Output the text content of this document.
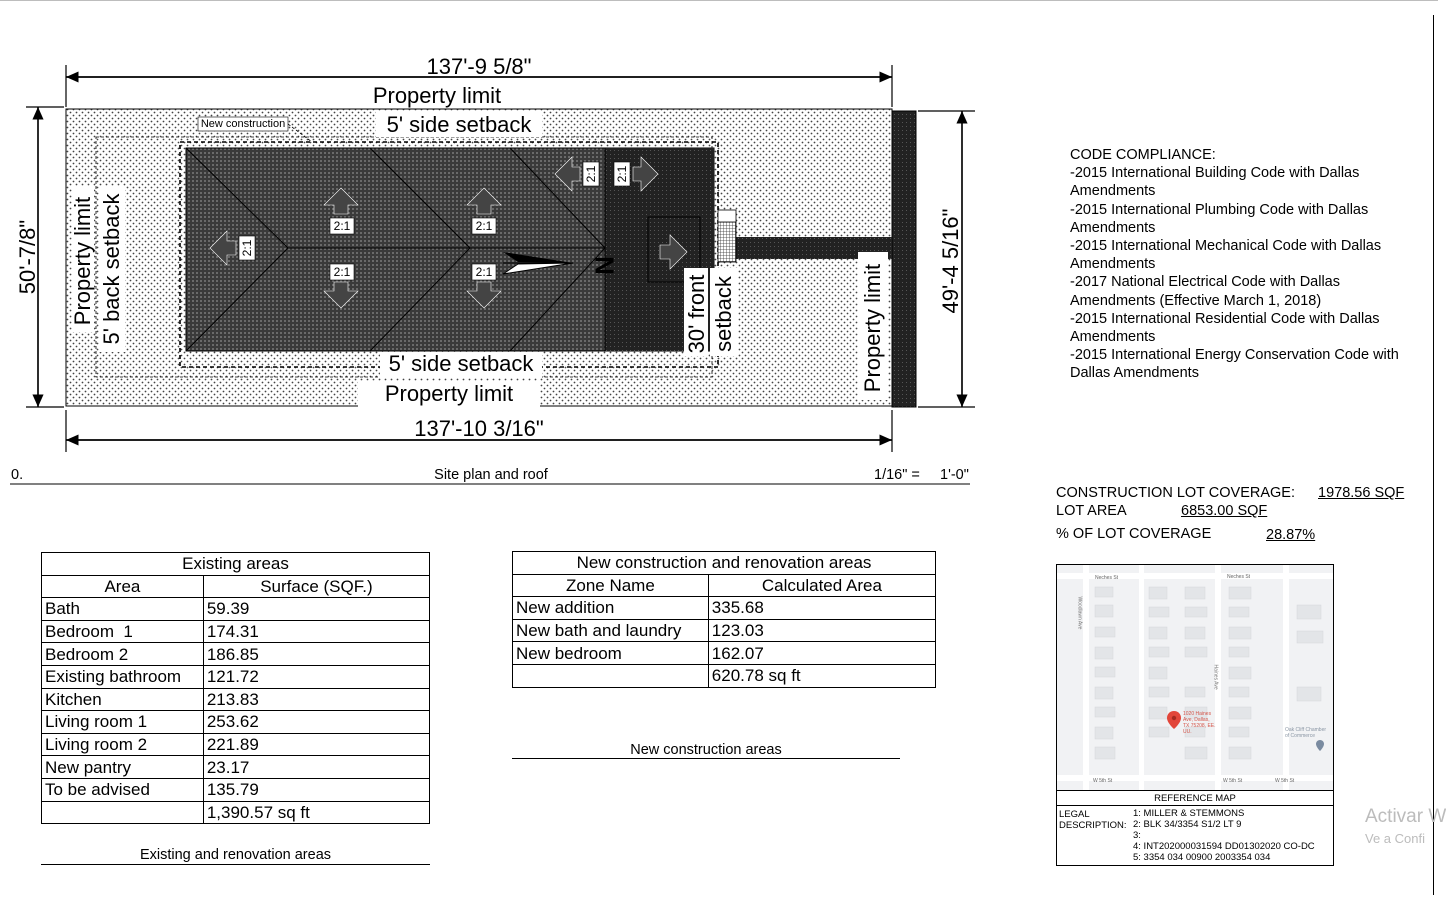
137'-9 5/8"
137'-10 3/16"
50'-7/8"	49'-4 5/16"
Property limit
Property limit
5' side setback
5' side setback
New construction
Property limit 5' back setback	30' front setback	Property limit
2:1
2:1
2:1
2:1
2:1
2:1 2:1
N
0.	Site plan and roof	1/16" = 1'-0"
CODE COMPLIANCE:
-2015 International Building Code with Dallas Amendments
-2015 International Plumbing Code with Dallas Amendments
-2015 International Mechanical Code with Dallas Amendments
-2017 National Electrical Code with Dallas Amendments (Effective March 1, 2018)
-2015 International Residential Code with Dallas Amendments
-2015 International Energy Conservation Code with Dallas Amendments
CONSTRUCTION LOT COVERAGE: 1978.56 SQF
LOT AREA	6853.00 SQF
% OF LOT COVERAGE	28.87%
Existing areas	
Area	Surface (SQF.)
Bath	59.39
Bedroom  1	174.31
Bedroom 2	186.85
Existing bathroom	121.72
Kitchen	213.83
Living room 1	253.62
Living room 2	221.89
New pantry	23.17
To be advised	135.79
	1,390.57 sq ft
Existing and renovation areas
New construction and renovation areas	
Zone Name	Calculated Area
New addition	335.68
New bath and laundry	123.03
New bedroom	162.07
	620.78 sq ft
New construction areas
Neches St	Neches St
W 5th St	W 5th St	W 5th St
1020 Haines Ave, Dallas, TX 75208, EE. UU.	Oak Cliff Chamber of Commerce
Woodlawn Ave
Haines Ave
REFERENCE MAP
LEGAL
DESCRIPTION:
1: MILLER & STEMMONS
2: BLK 34/3354 S1/2 LT 9
3:
4: INT202000031594 DD01302020 CO-DC
5: 3354 034 00900 2003354 034
Activar W
Ve a Confi
